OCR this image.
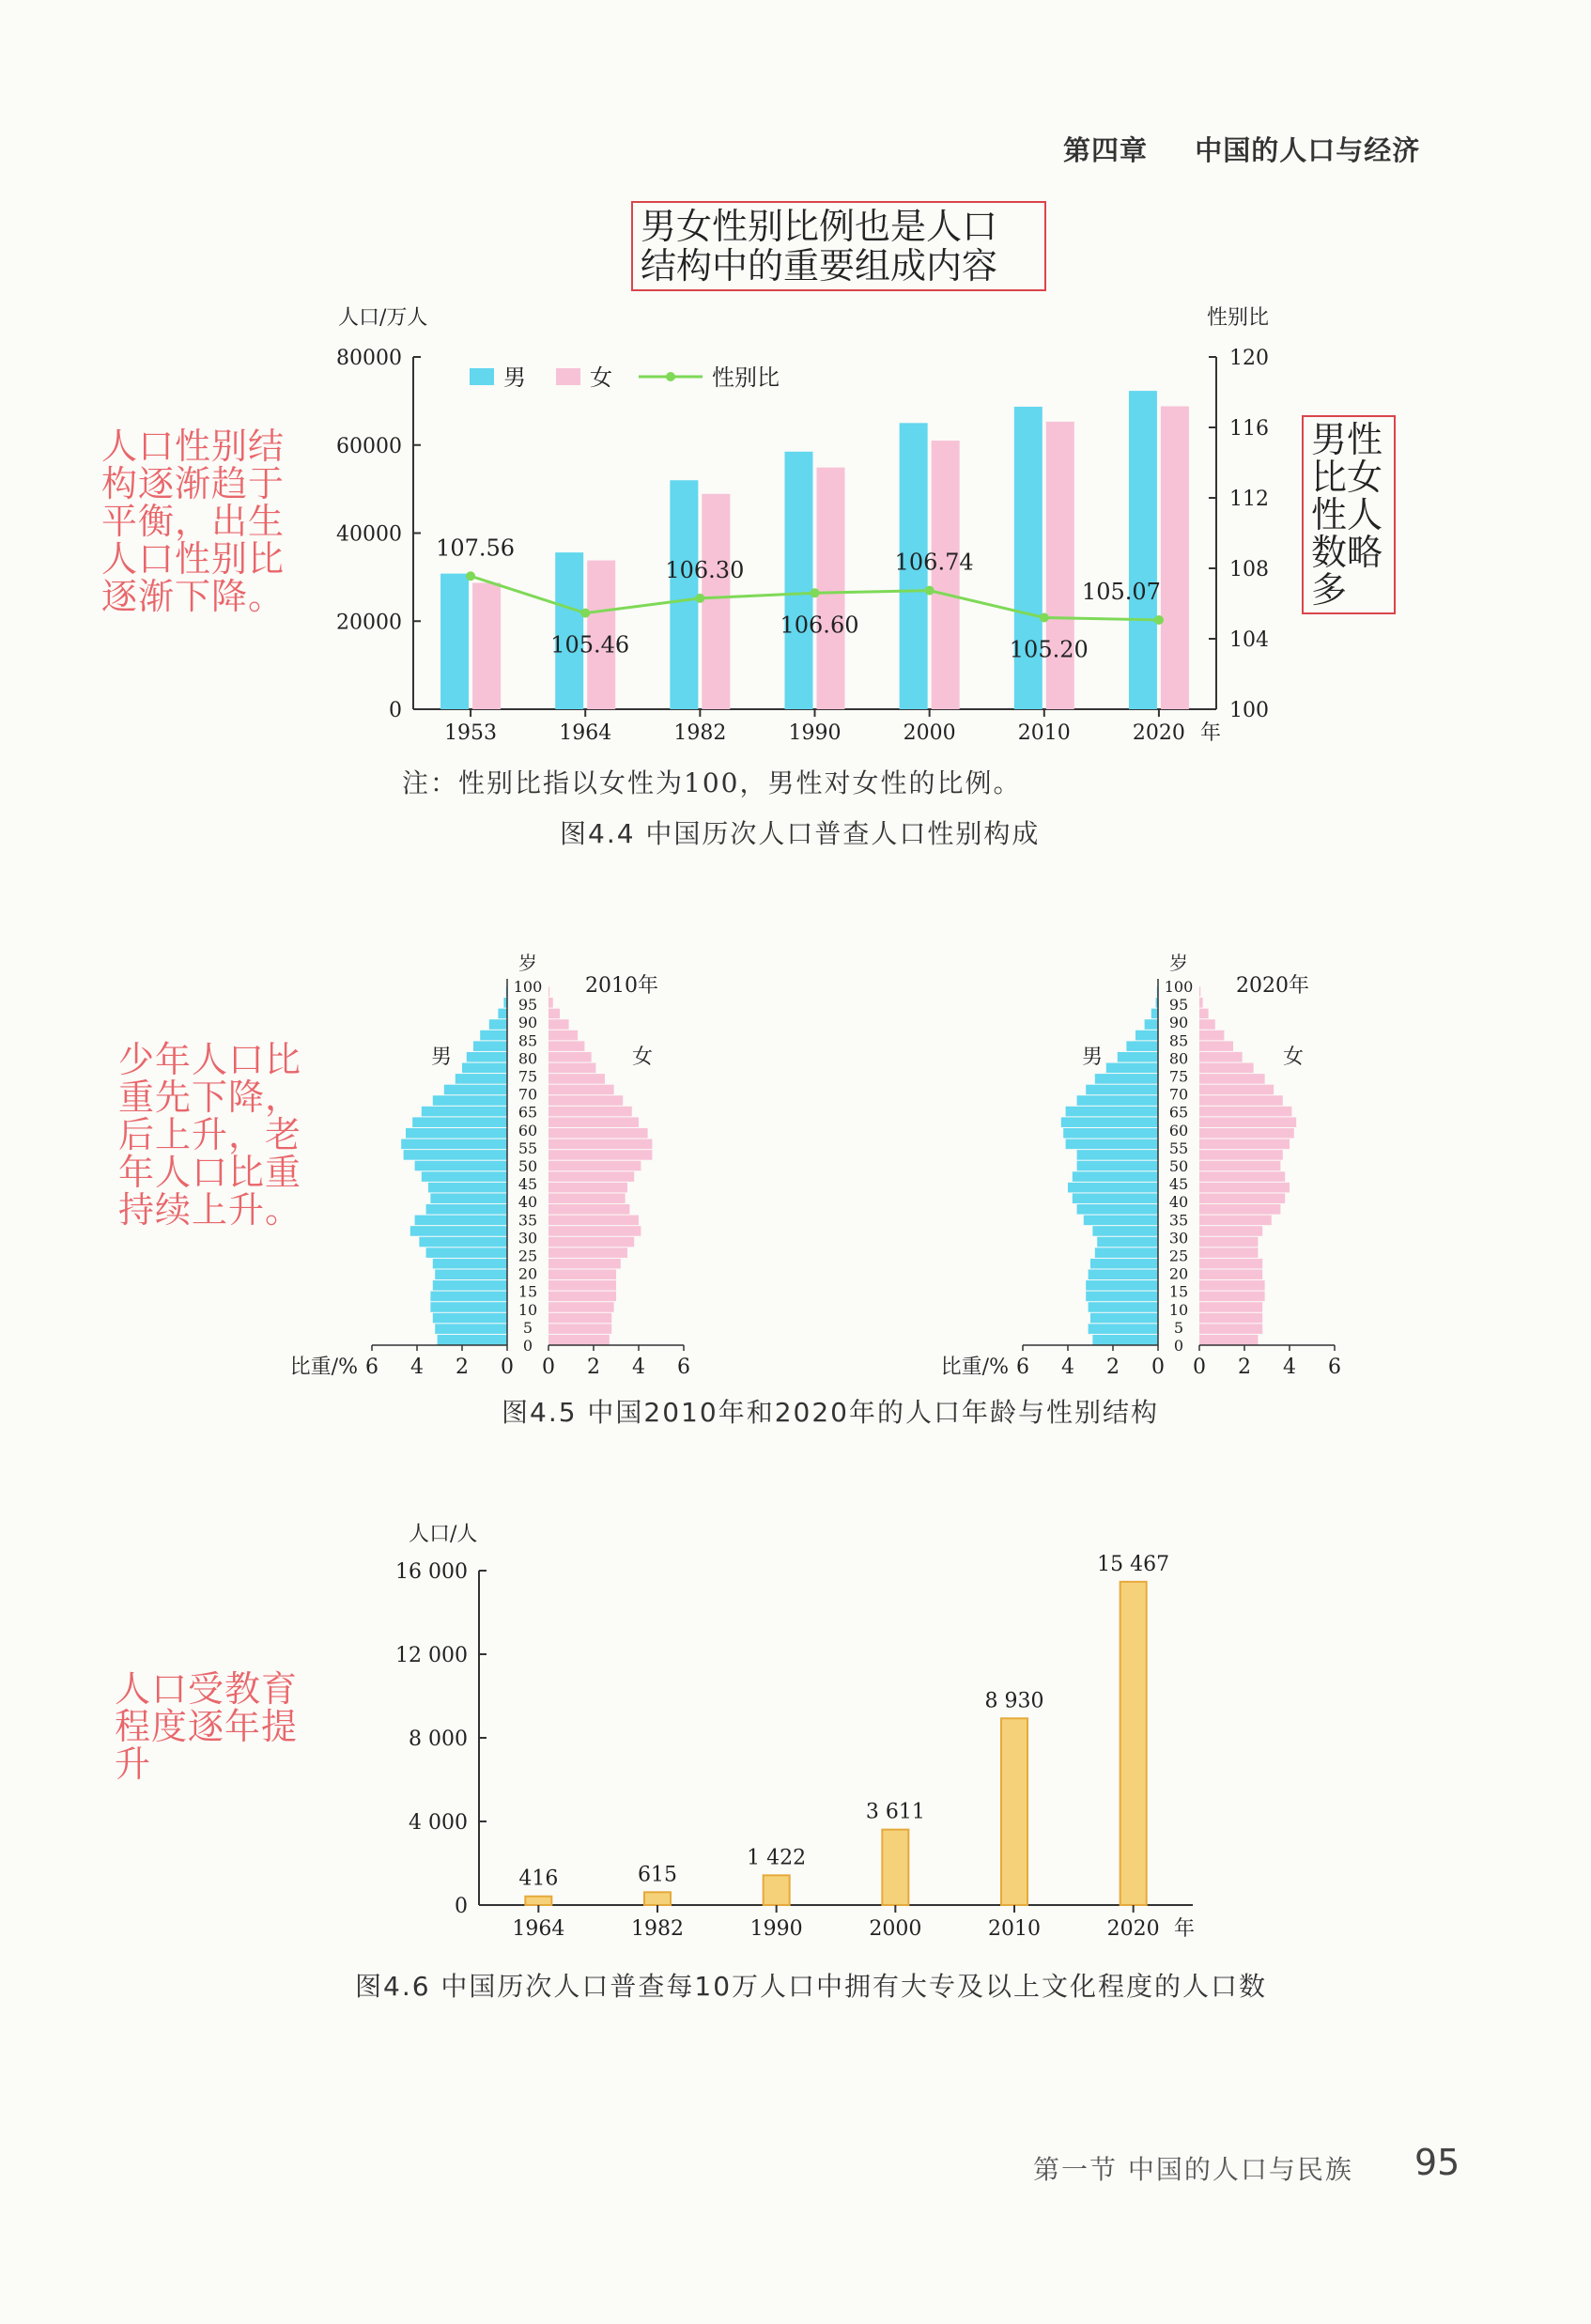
第四章 中国的人口与经济
男女性别比例也是人口
结构中的重要组成内容
男性
比女
性人
数略
多
人口性别结
构逐渐趋于
平衡，出生
人口性别比
逐渐下降。
少年人口比
重先下降，
后上升，老
年人口比重
持续上升。
人口受教育
程度逐年提
升
人口/万人	性别比
0
20000
40000
60000
80000
100
104
108
112
116
120
1953	1964	1982	1990	2000	2010	2020 年
107.56
105.46
106.30
106.60
106.74
105.20
105.07
男	女	性别比
注：性别比指以女性为100，男性对女性的比例。
图4.4 中国历次人口普查人口性别构成
0
5
10
15
20
25
30
35
40
45
50
55
60
65
70
75
80
85
90
95
100
岁
6 4 2 0 0 2 4 6
比重/%
2010年
男	女
0
5
10
15
20
25
30
35
40
45
50
55
60
65
70
75
80
85
90
95
100
岁
6 4 2 0 0 2 4 6
比重/%
2020年
男	女
图4.5 中国2010年和2020年的人口年龄与性别结构
人口/人
0
4 000
8 000
12 000
16 000
416
1964
615
1982
1 422
1990
3 611
2000
8 930
2010
15 467
2020 年
图4.6 中国历次人口普查每10万人口中拥有大专及以上文化程度的人口数
第一节 中国的人口与民族 95
